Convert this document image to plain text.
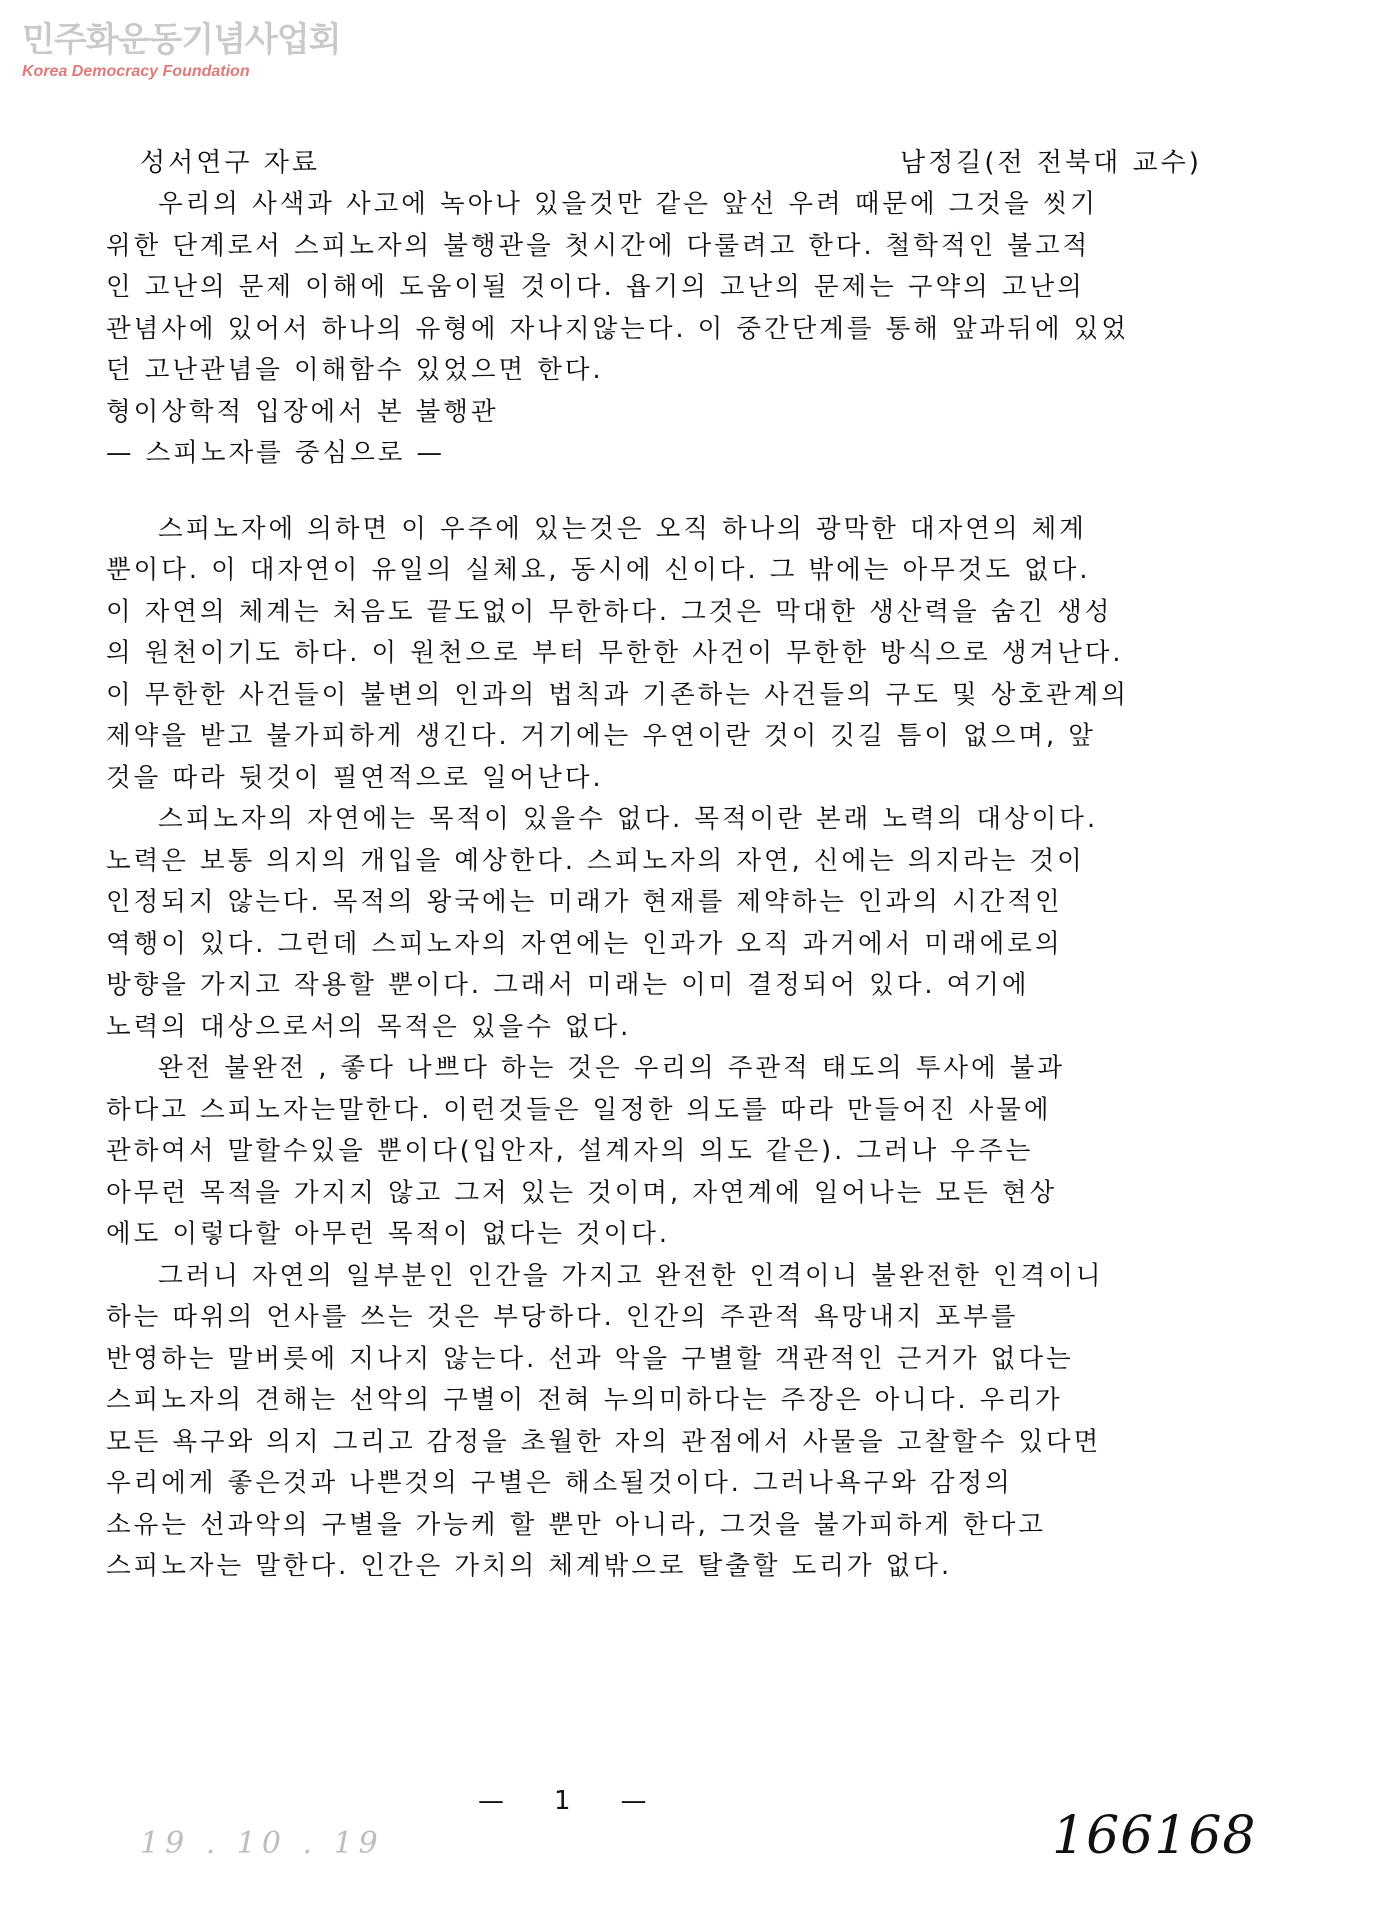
민주화운동기념사업회
Korea Democracy Foundation
성서연구 자료	남정길(전 전북대 교수)
우리의 사색과 사고에 녹아나 있을것만 같은 앞선 우려 때문에 그것을 씻기
위한 단계로서 스피노자의 불행관을 첫시간에 다룰려고 한다. 철학적인 불고적
인 고난의 문제 이해에 도움이될 것이다. 욥기의 고난의 문제는 구약의 고난의
관념사에 있어서 하나의 유형에 자나지않는다. 이 중간단계를 통해 앞과뒤에 있었
던 고난관념을 이해함수 있었으면 한다.
형이상학적 입장에서 본 불행관
— 스피노자를 중심으로 —
스피노자에 의하면 이 우주에 있는것은 오직 하나의 광막한 대자연의 체계
뿐이다. 이 대자연이 유일의 실체요, 동시에 신이다. 그 밖에는 아무것도 없다.
이 자연의 체계는 처음도 끝도없이 무한하다. 그것은 막대한 생산력을 숨긴 생성
의 원천이기도 하다. 이 원천으로 부터 무한한 사건이 무한한 방식으로 생겨난다.
이 무한한 사건들이 불변의 인과의 법칙과 기존하는 사건들의 구도 및 상호관계의
제약을 받고 불가피하게 생긴다. 거기에는 우연이란 것이 깃길 틈이 없으며, 앞
것을 따라 뒷것이 필연적으로 일어난다.
스피노자의 자연에는 목적이 있을수 없다. 목적이란 본래 노력의 대상이다.
노력은 보통 의지의 개입을 예상한다. 스피노자의 자연, 신에는 의지라는 것이
인정되지 않는다. 목적의 왕국에는 미래가 현재를 제약하는 인과의 시간적인
역행이 있다. 그런데 스피노자의 자연에는 인과가 오직 과거에서 미래에로의
방향을 가지고 작용할 뿐이다. 그래서 미래는 이미 결정되어 있다. 여기에
노력의 대상으로서의 목적은 있을수 없다.
완전 불완전 , 좋다 나쁘다 하는 것은 우리의 주관적 태도의 투사에 불과
하다고 스피노자는말한다. 이런것들은 일정한 의도를 따라 만들어진 사물에
관하여서 말할수있을 뿐이다(입안자, 설계자의 의도 같은). 그러나 우주는
아무런 목적을 가지지 않고 그저 있는 것이며, 자연계에 일어나는 모든 현상
에도 이렇다할 아무런 목적이 없다는 것이다.
그러니 자연의 일부분인 인간을 가지고 완전한 인격이니 불완전한 인격이니
하는 따위의 언사를 쓰는 것은 부당하다. 인간의 주관적 욕망내지 포부를
반영하는 말버릇에 지나지 않는다. 선과 악을 구별할 객관적인 근거가 없다는
스피노자의 견해는 선악의 구별이 전혀 누의미하다는 주장은 아니다. 우리가
모든 욕구와 의지 그리고 감정을 초월한 자의 관점에서 사물을 고찰할수 있다면
우리에게 좋은것과 나쁜것의 구별은 해소될것이다. 그러나욕구와 감정의
소유는 선과악의 구별을 가능케 할 뿐만 아니라, 그것을 불가피하게 한다고
스피노자는 말한다. 인간은 가치의 체계밖으로 탈출할 도리가 없다.
—1—
19 . 10 . 19	166168
